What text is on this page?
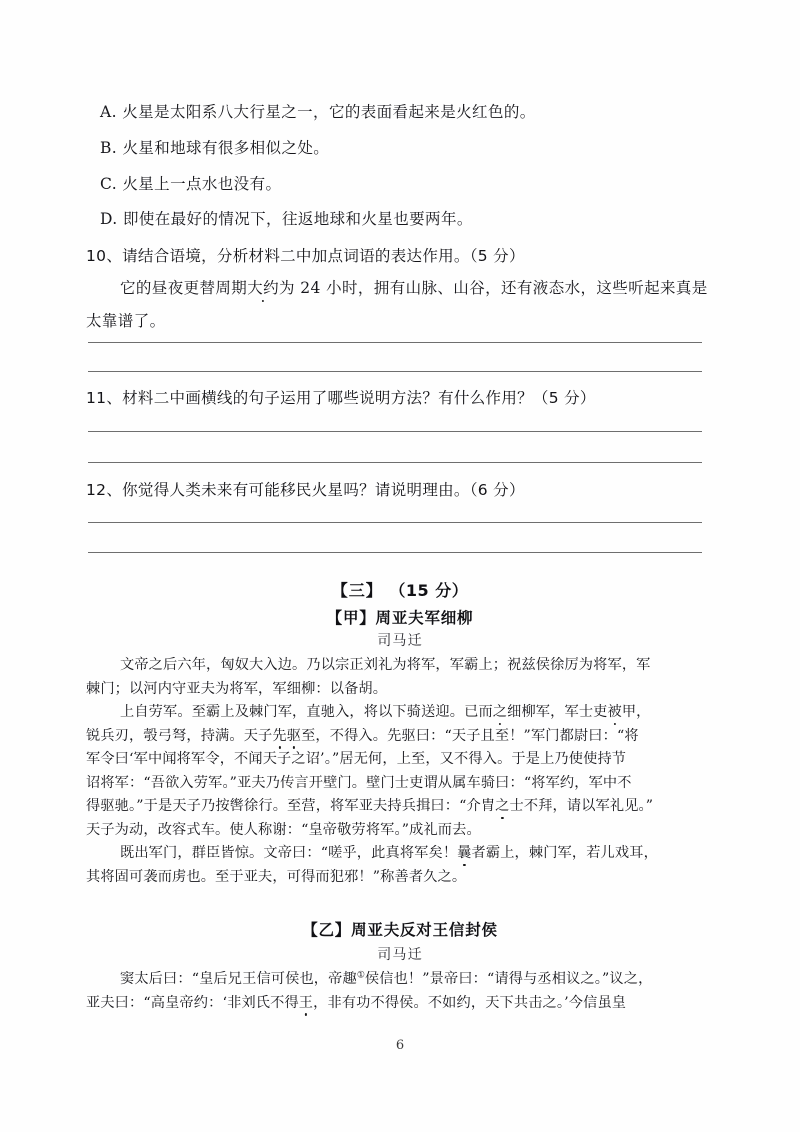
A. 火星是太阳系八大行星之一，它的表面看起来是火红色的。
B. 火星和地球有很多相似之处。
C. 火星上一点水也没有。
D. 即使在最好的情况下，往返地球和火星也要两年。
10、请结合语境，分析材料二中加点词语的表达作用。（5 分）
它的昼夜更替周期大约为 24 小时，拥有山脉、山谷，还有液态水，这些听起来真是
太靠谱了。
11、材料二中画横线的句子运用了哪些说明方法？有什么作用？（5 分）
12、你觉得人类未来有可能移民火星吗？请说明理由。（6 分）
【三】 （15 分）
【甲】周亚夫军细柳
司马迁
文帝之后六年，匈奴大入边。乃以宗正刘礼为将军，军霸上；祝兹侯徐厉为将军，军
棘门；以河内守亚夫为将军，军细柳：以备胡。
上自劳军。至霸上及棘门军，直驰入，将以下骑送迎。已而之细柳军，军士吏被甲，
锐兵刃，彀弓弩，持满。天子先驱至，不得入。先驱曰：“天子且至！”军门都尉曰：“将
军令曰‘军中闻将军令，不闻天子之诏’。”居无何，上至，又不得入。于是上乃使使持节
诏将军：“吾欲入劳军。”亚夫乃传言开壁门。壁门士吏谓从属车骑曰：“将军约，军中不
得驱驰。”于是天子乃按辔徐行。至营，将军亚夫持兵揖曰：“介胄之士不拜，请以军礼见。”
天子为动，改容式车。使人称谢：“皇帝敬劳将军。”成礼而去。
既出军门，群臣皆惊。文帝曰：“嗟乎，此真将军矣！曩者霸上，棘门军，若儿戏耳，
其将固可袭而虏也。至于亚夫，可得而犯邪！”称善者久之。
【乙】周亚夫反对王信封侯
司马迁
窦太后曰：“皇后兄王信可侯也，帝趣①侯信也！”景帝曰：“请得与丞相议之。”议之，
亚夫曰：“高皇帝约：‘非刘氏不得王，非有功不得侯。不如约，天下共击之。’今信虽皇
6
